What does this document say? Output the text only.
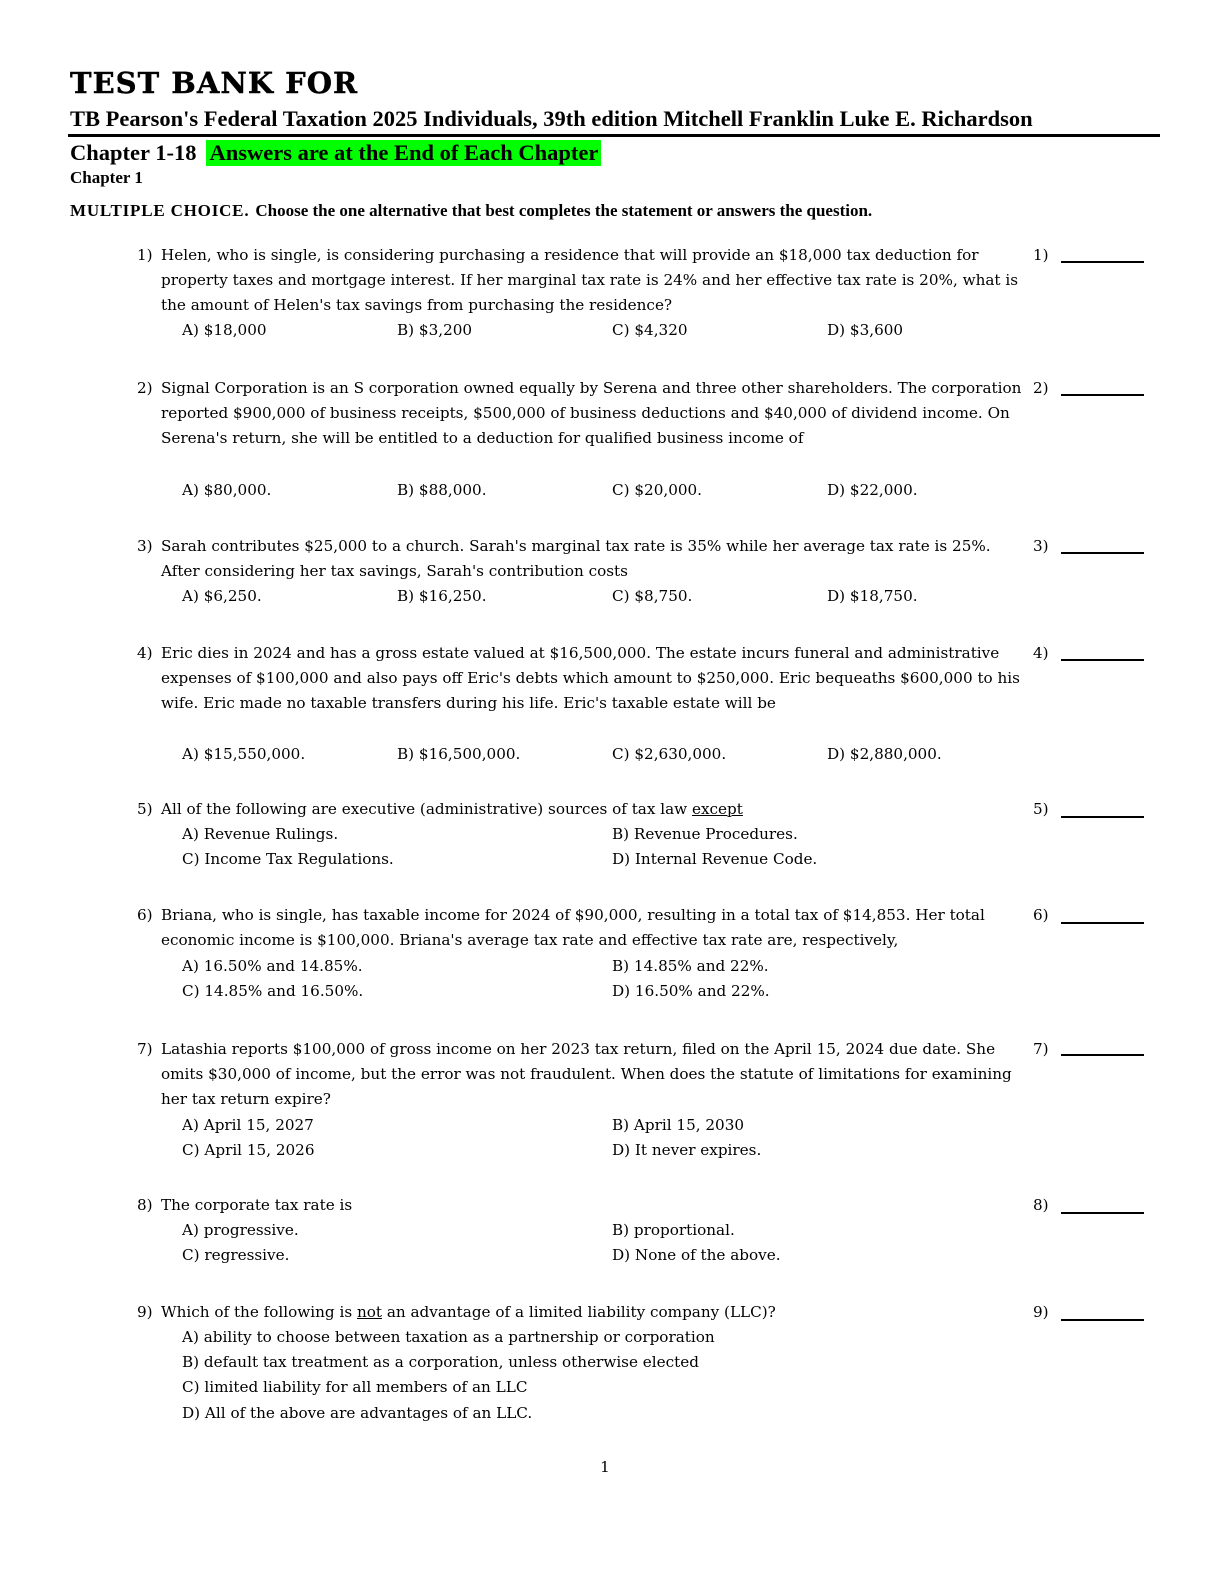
TEST BANK FOR
TB Pearson's Federal Taxation 2025 Individuals, 39th edition Mitchell Franklin Luke E. Richardson
Chapter 1-18 Answers are at the End of Each Chapter
Chapter 1
MULTIPLE CHOICE. Choose the one alternative that best completes the statement or answers the question.
1) Helen, who is single, is considering purchasing a residence that will provide an $18,000 tax deduction for property taxes and mortgage interest. If her marginal tax rate is 24% and her effective tax rate is 20%, what is the amount of Helen's tax savings from purchasing the residence?
A) $18,000	B) $3,200	C) $4,320	D) $3,600
1)
2) Signal Corporation is an S corporation owned equally by Serena and three other shareholders. The corporation reported $900,000 of business receipts, $500,000 of business deductions and $40,000 of dividend income. On Serena's return, she will be entitled to a deduction for qualified business income of
A) $80,000.	B) $88,000.	C) $20,000.	D) $22,000.
2)
3) Sarah contributes $25,000 to a church. Sarah's marginal tax rate is 35% while her average tax rate is 25%. After considering her tax savings, Sarah's contribution costs
A) $6,250.	B) $16,250.	C) $8,750.	D) $18,750.
3)
4) Eric dies in 2024 and has a gross estate valued at $16,500,000. The estate incurs funeral and administrative expenses of $100,000 and also pays off Eric's debts which amount to $250,000. Eric bequeaths $600,000 to his wife. Eric made no taxable transfers during his life. Eric's taxable estate will be
A) $15,550,000.	B) $16,500,000.	C) $2,630,000.	D) $2,880,000.
4)
5) All of the following are executive (administrative) sources of tax law except
A) Revenue Rulings.	B) Revenue Procedures.
C) Income Tax Regulations.	D) Internal Revenue Code.
5)
6) Briana, who is single, has taxable income for 2024 of $90,000, resulting in a total tax of $14,853. Her total economic income is $100,000. Briana's average tax rate and effective tax rate are, respectively,
A) 16.50% and 14.85%.	B) 14.85% and 22%.
C) 14.85% and 16.50%.	D) 16.50% and 22%.
6)
7) Latashia reports $100,000 of gross income on her 2023 tax return, filed on the April 15, 2024 due date. She omits $30,000 of income, but the error was not fraudulent. When does the statute of limitations for examining her tax return expire?
A) April 15, 2027	B) April 15, 2030
C) April 15, 2026	D) It never expires.
7)
8) The corporate tax rate is
A) progressive.	B) proportional.
C) regressive.	D) None of the above.
8)
9) Which of the following is not an advantage of a limited liability company (LLC)?
A) ability to choose between taxation as a partnership or corporation
B) default tax treatment as a corporation, unless otherwise elected
C) limited liability for all members of an LLC
D) All of the above are advantages of an LLC.
9)
1
